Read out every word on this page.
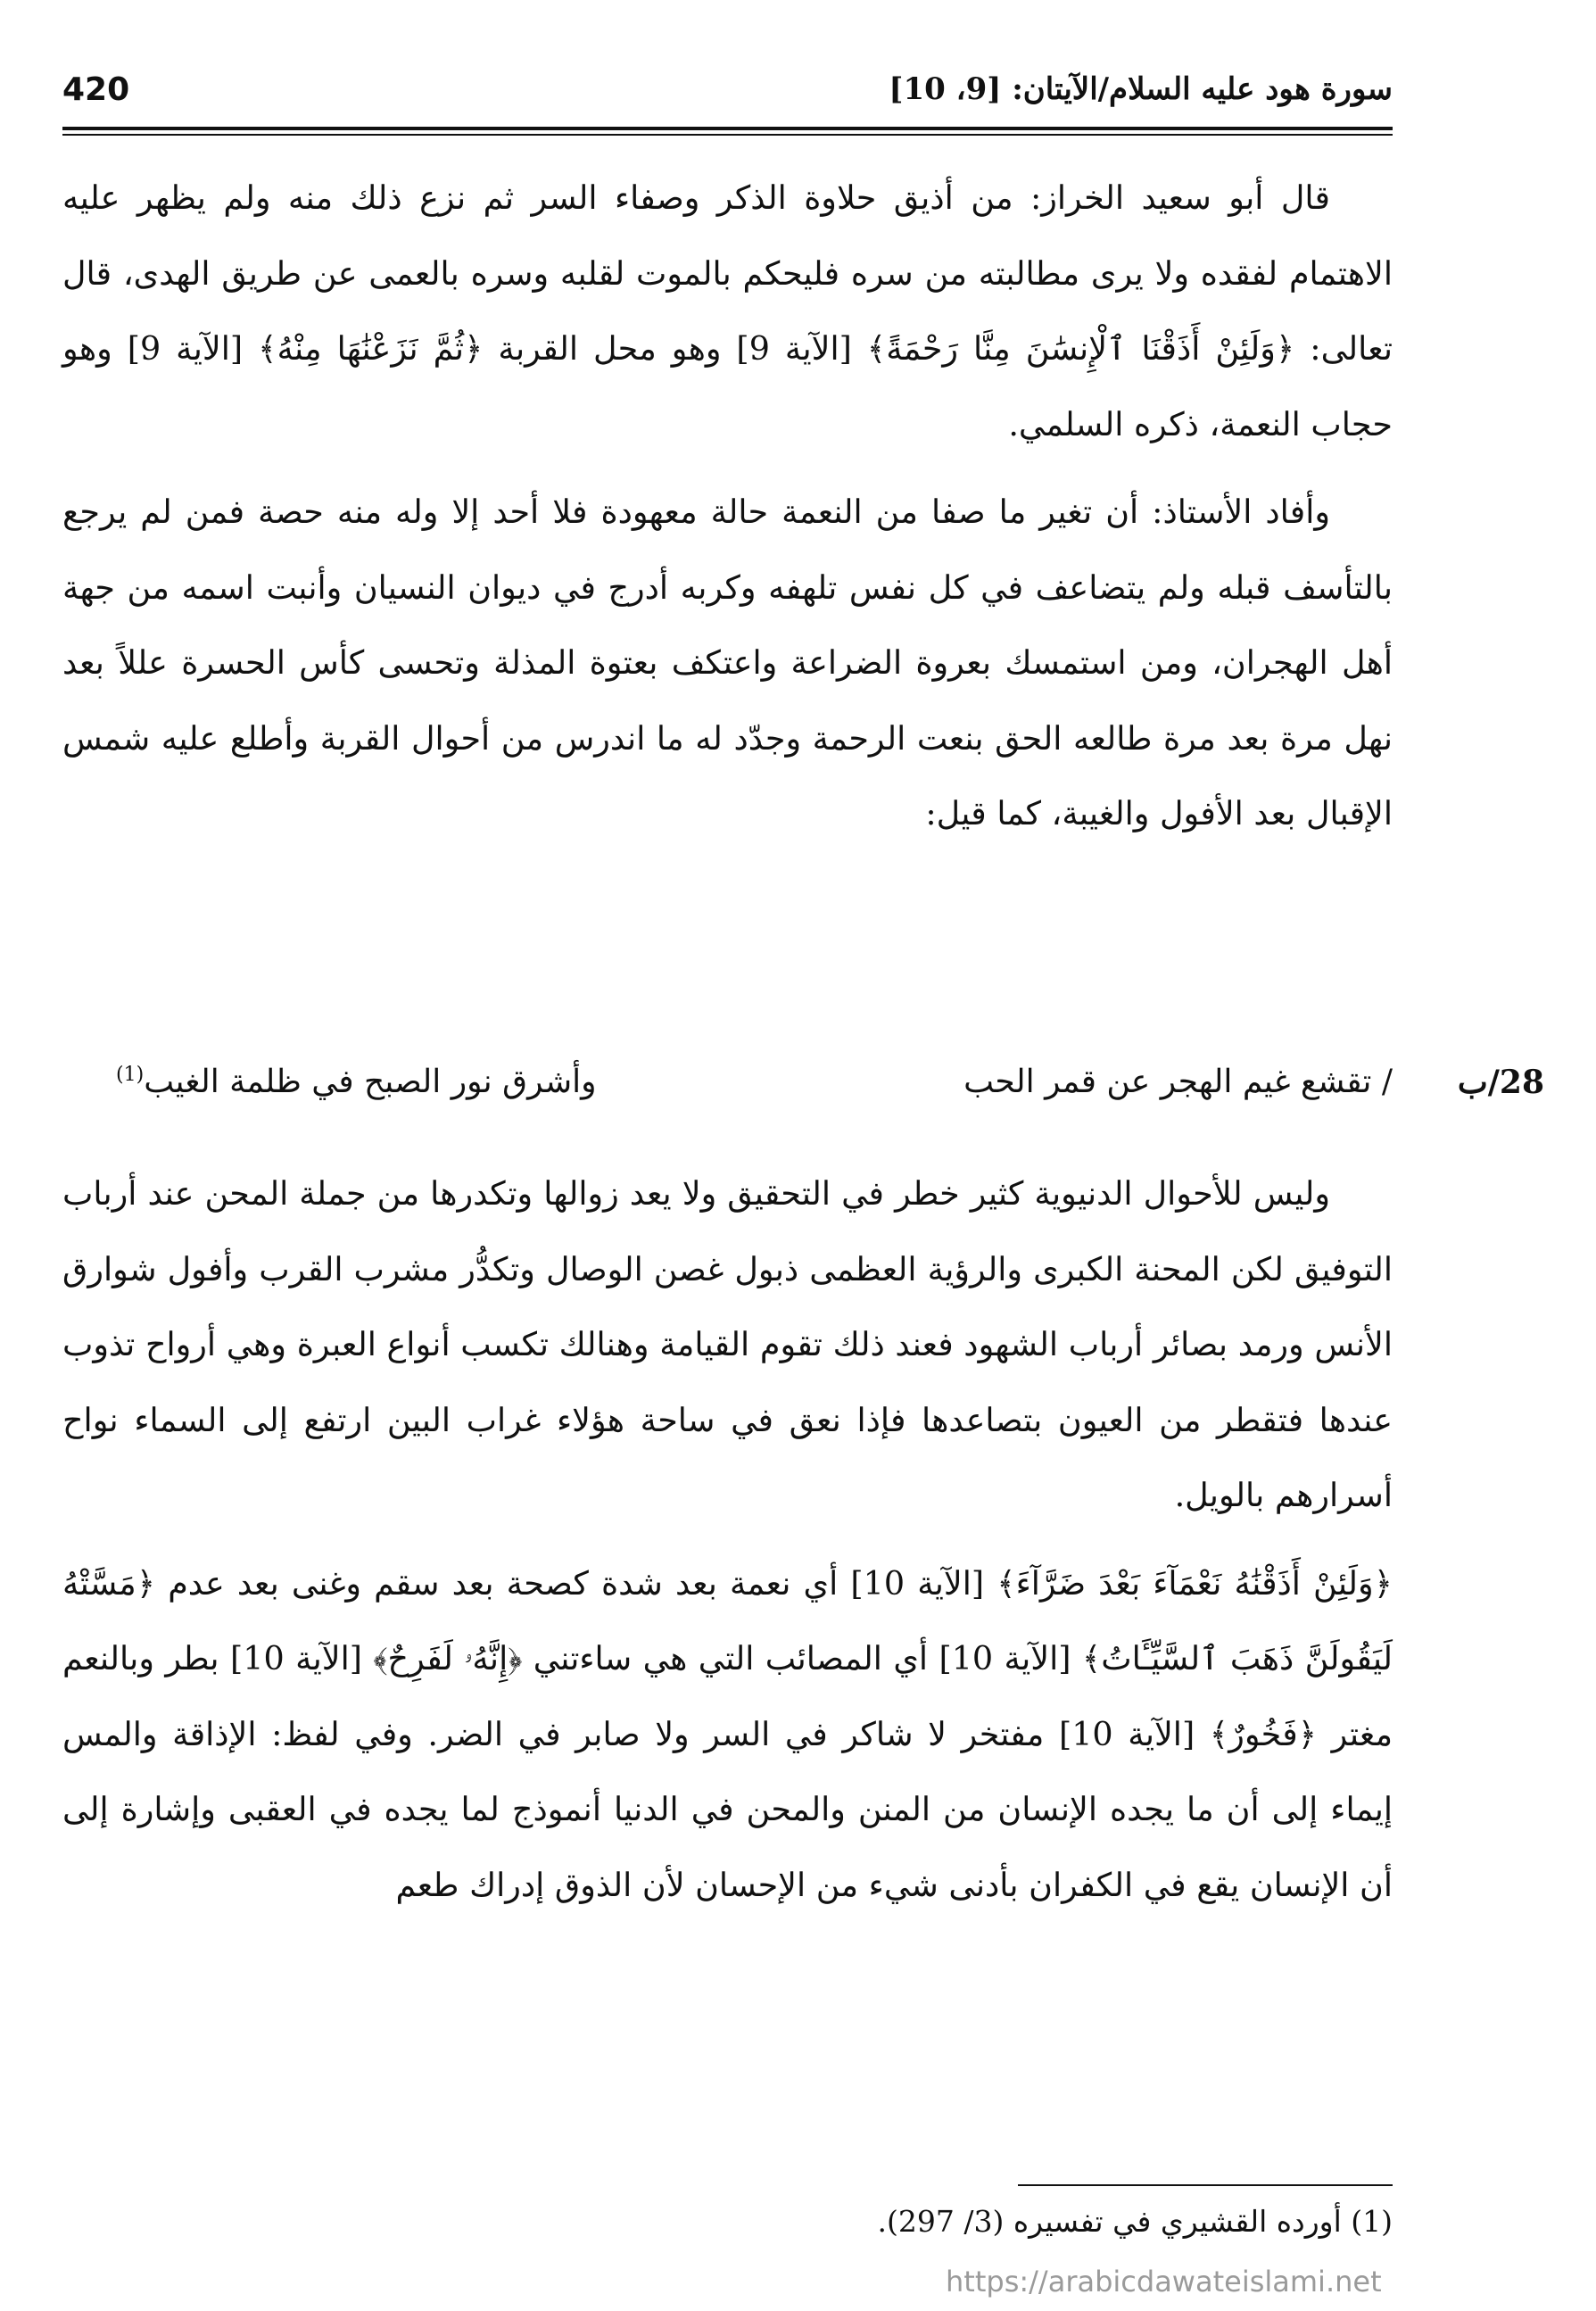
سورة هود عليه السلام/الآيتان: [9، 10]
420

قال أبو سعيد الخراز: من أذيق حلاوة الذكر وصفاء السر ثم نزع ذلك منه ولم يظهر عليه الاهتمام لفقده ولا يرى مطالبته من سره فليحكم بالموت لقلبه وسره بالعمى عن طريق الهدى، قال تعالى: ﴿وَلَئِنْ أَذَقْنَا ٱلْإِنسَٰنَ مِنَّا رَحْمَةً﴾ [الآية 9] وهو محل القربة ﴿ثُمَّ نَزَعْنَٰهَا مِنْهُ﴾ [الآية 9] وهو حجاب النعمة، ذكره السلمي.

وأفاد الأستاذ: أن تغير ما صفا من النعمة حالة معهودة فلا أحد إلا وله منه حصة فمن لم يرجع بالتأسف قبله ولم يتضاعف في كل نفس تلهفه وكربه أدرج في ديوان النسيان وأنبت اسمه من جهة أهل الهجران، ومن استمسك بعروة الضراعة واعتكف بعتوة المذلة وتحسى كأس الحسرة عللاً بعد نهل مرة بعد مرة طالعه الحق بنعت الرحمة وجدّد له ما اندرس من أحوال القربة وأطلع عليه شمس الإقبال بعد الأفول والغيبة، كما قيل:

28/ب
/ تقشع غيم الهجر عن قمر الحب
وأشرق نور الصبح في ظلمة الغيب$^{(1)}$

وليس للأحوال الدنيوية كثير خطر في التحقيق ولا يعد زوالها وتكدرها من جملة المحن عند أرباب التوفيق لكن المحنة الكبرى والرؤية العظمى ذبول غصن الوصال وتكدُّر مشرب القرب وأفول شوارق الأنس ورمد بصائر أرباب الشهود فعند ذلك تقوم القيامة وهنالك تكسب أنواع العبرة وهي أرواح تذوب عندها فتقطر من العيون بتصاعدها فإذا نعق في ساحة هؤلاء غراب البين ارتفع إلى السماء نواح أسرارهم بالويل.

﴿وَلَئِنْ أَذَقْنَٰهُ نَعْمَآءَ بَعْدَ ضَرَّآءَ﴾ [الآية 10] أي نعمة بعد شدة كصحة بعد سقم وغنى بعد عدم ﴿مَسَّتْهُ لَيَقُولَنَّ ذَهَبَ ٱلسَّيِّـَٔاتُ﴾ [الآية 10] أي المصائب التي هي ساءتني ﴿إِنَّهُۥ لَفَرِحٌ﴾ [الآية 10] بطر وبالنعم مغتر ﴿فَخُورٌ﴾ [الآية 10] مفتخر لا شاكر في السر ولا صابر في الضر. وفي لفظ: الإذاقة والمس إيماء إلى أن ما يجده الإنسان من المنن والمحن في الدنيا أنموذج لما يجده في العقبى وإشارة إلى أن الإنسان يقع في الكفران بأدنى شيء من الإحسان لأن الذوق إدراك طعم

(1) أورده القشيري في تفسيره (3/ 297).
https://arabicdawateislami.net
